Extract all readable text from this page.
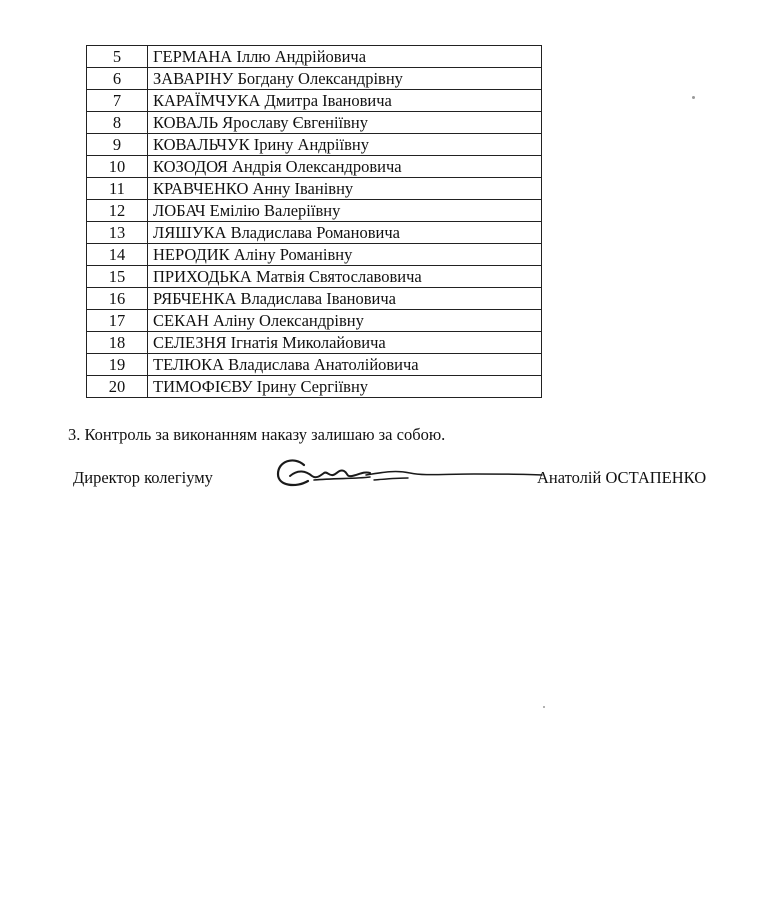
5	ГЕРМАНА Іллю Андрійовича
6	ЗАВАРІНУ Богдану Олександрівну
7	КАРАЇМЧУКА Дмитра Івановича
8	КОВАЛЬ Ярославу Євгеніївну
9	КОВАЛЬЧУК Ірину Андріївну
10	КОЗОДОЯ Андрія Олександровича
11	КРАВЧЕНКО Анну Іванівну
12	ЛОБАЧ Емілію Валеріївну
13	ЛЯШУКА Владислава Романовича
14	НЕРОДИК Аліну Романівну
15	ПРИХОДЬКА Матвія Святославовича
16	РЯБЧЕНКА Владислава Івановича
17	СЕКАН Аліну Олександрівну
18	СЕЛЕЗНЯ Ігнатія Миколайовича
19	ТЕЛЮКА Владислава Анатолійовича
20	ТИМОФІЄВУ Ірину Сергіївну
3. Контроль за виконанням наказу залишаю за собою.
Директор колегіуму	Анатолій ОСТАПЕНКО
